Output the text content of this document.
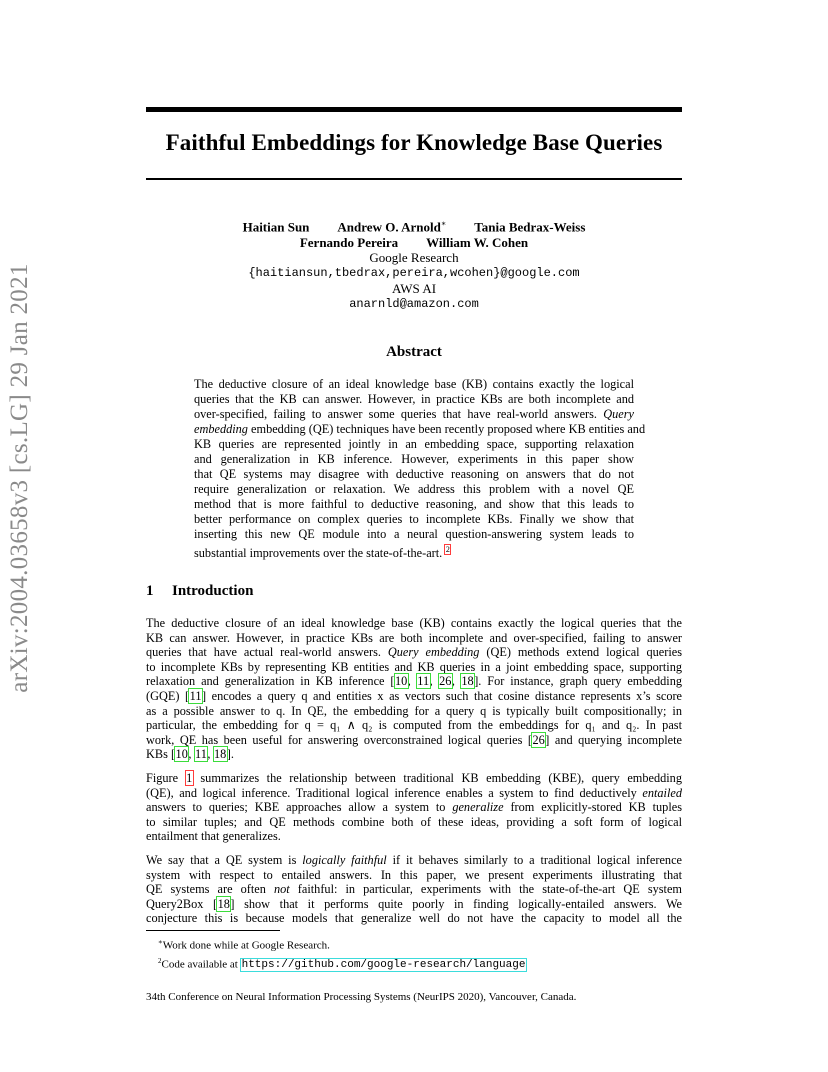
arXiv:2004.03658v3 [cs.LG] 29 Jan 2021
Faithful Embeddings for Knowledge Base Queries
Haitian Sun Andrew O. Arnold∗ Tania Bedrax-Weiss
Fernando Pereira William W. Cohen
Google Research
{haitiansun,tbedrax,pereira,wcohen}@google.com
AWS AI
anarnld@amazon.com
Abstract
The deductive closure of an ideal knowledge base (KB) contains exactly the logical
queries that the KB can answer. However, in practice KBs are both incomplete and
over-specified, failing to answer some queries that have real-world answers. Query
embedding embedding (QE) techniques have been recently proposed where KB entities and
KB queries are represented jointly in an embedding space, supporting relaxation
and generalization in KB inference. However, experiments in this paper show
that QE systems may disagree with deductive reasoning on answers that do not
require generalization or relaxation. We address this problem with a novel QE
method that is more faithful to deductive reasoning, and show that this leads to
better performance on complex queries to incomplete KBs. Finally we show that
inserting this new QE module into a neural question-answering system leads to
substantial improvements over the state-of-the-art. $^2$
1 Introduction
The deductive closure of an ideal knowledge base (KB) contains exactly the logical queries that the
KB can answer. However, in practice KBs are both incomplete and over-specified, failing to answer
queries that have actual real-world answers. Query embedding (QE) methods extend logical queries
to incomplete KBs by representing KB entities and KB queries in a joint embedding space, supporting
relaxation and generalization in KB inference [10, 11, 26, 18]. For instance, graph query embedding
(GQE) [11] encodes a query q and entities x as vectors such that cosine distance represents x’s score
as a possible answer to q. In QE, the embedding for a query q is typically built compositionally; in
particular, the embedding for q = q₁ ∧ q₂ is computed from the embeddings for q₁ and q₂. In past
work, QE has been useful for answering overconstrained logical queries [26] and querying incomplete
KBs [10, 11, 18].
Figure 1 summarizes the relationship between traditional KB embedding (KBE), query embedding
(QE), and logical inference. Traditional logical inference enables a system to find deductively entailed
answers to queries; KBE approaches allow a system to generalize from explicitly-stored KB tuples
to similar tuples; and QE methods combine both of these ideas, providing a soft form of logical
entailment that generalizes.
We say that a QE system is logically faithful if it behaves similarly to a traditional logical inference
system with respect to entailed answers. In this paper, we present experiments illustrating that
QE systems are often not faithful: in particular, experiments with the state-of-the-art QE system
Query2Box [18] show that it performs quite poorly in finding logically-entailed answers. We
conjecture this is because models that generalize well do not have the capacity to model all the
∗Work done while at Google Research.
$^2$Code available at https://github.com/google-research/language
34th Conference on Neural Information Processing Systems (NeurIPS 2020), Vancouver, Canada.
